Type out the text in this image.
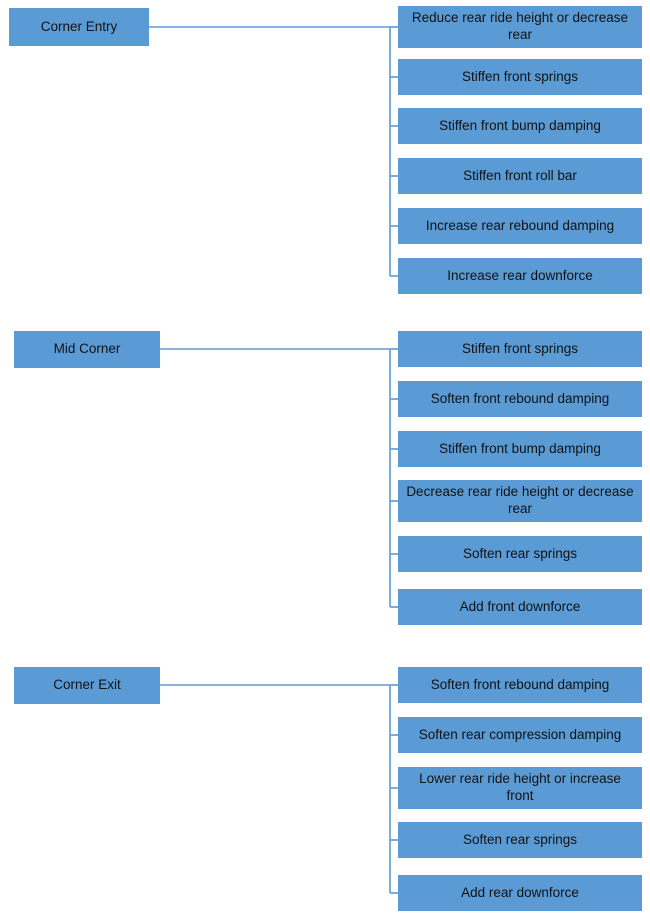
Corner Entry
Reduce rear ride height or decrease rear
Stiffen front springs
Stiffen front bump damping
Stiffen front roll bar
Increase rear rebound damping
Increase rear downforce
Mid Corner	Stiffen front springs
Soften front rebound damping
Stiffen front bump damping
Decrease rear ride height or decrease rear
Soften rear springs
Add front downforce
Corner Exit	Soften front rebound damping
Soften rear compression damping
Lower rear ride height or increase front
Soften rear springs
Add rear downforce
